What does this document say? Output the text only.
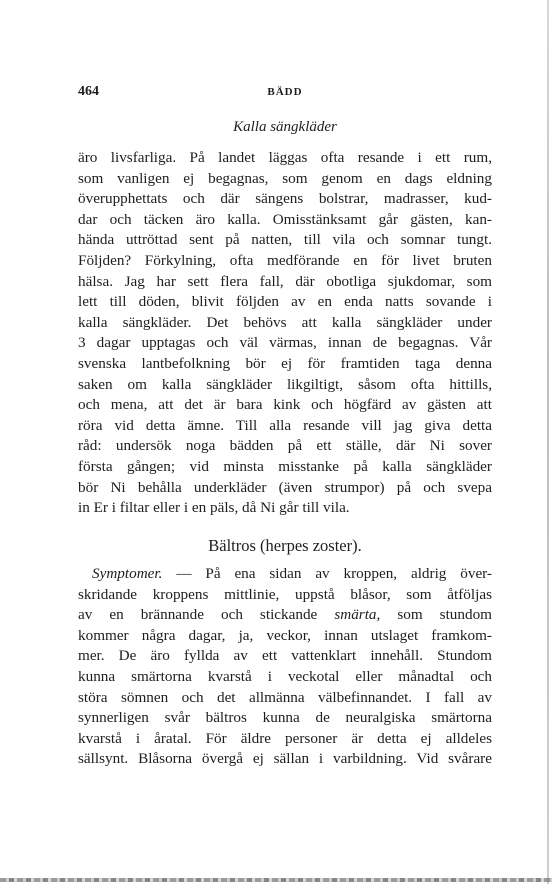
464	BÄDD
Kalla sängkläder
äro livsfarliga. På landet läggas ofta resande i ett rum,
som vanligen ej begagnas, som genom en dags eldning
överupphettats och där sängens bolstrar, madrasser, kud-
dar och täcken äro kalla. Omisstänksamt går gästen, kan-
hända uttröttad sent på natten, till vila och somnar tungt.
Följden? Förkylning, ofta medförande en för livet bruten
hälsa. Jag har sett flera fall, där obotliga sjukdomar, som
lett till döden, blivit följden av en enda natts sovande i
kalla sängkläder. Det behövs att kalla sängkläder under
3 dagar upptagas och väl värmas, innan de begagnas. Vår
svenska lantbefolkning bör ej för framtiden taga denna
saken om kalla sängkläder likgiltigt, såsom ofta hittills,
och mena, att det är bara kink och högfärd av gästen att
röra vid detta ämne. Till alla resande vill jag giva detta
råd: undersök noga bädden på ett ställe, där Ni sover
första gången; vid minsta misstanke på kalla sängkläder
bör Ni behålla underkläder (även strumpor) på och svepa
in Er i filtar eller i en päls, då Ni går till vila.
Bältros (herpes zoster).
Symptomer. — På ena sidan av kroppen, aldrig över-
skridande kroppens mittlinie, uppstå blåsor, som åtföljas
av en brännande och stickande smärta, som stundom
kommer några dagar, ja, veckor, innan utslaget framkom-
mer. De äro fyllda av ett vattenklart innehåll. Stundom
kunna smärtorna kvarstå i veckotal eller månadtal och
störa sömnen och det allmänna välbefinnandet. I fall av
synnerligen svår bältros kunna de neuralgiska smärtorna
kvarstå i åratal. För äldre personer är detta ej alldeles
sällsynt. Blåsorna övergå ej sällan i varbildning. Vid svårare
